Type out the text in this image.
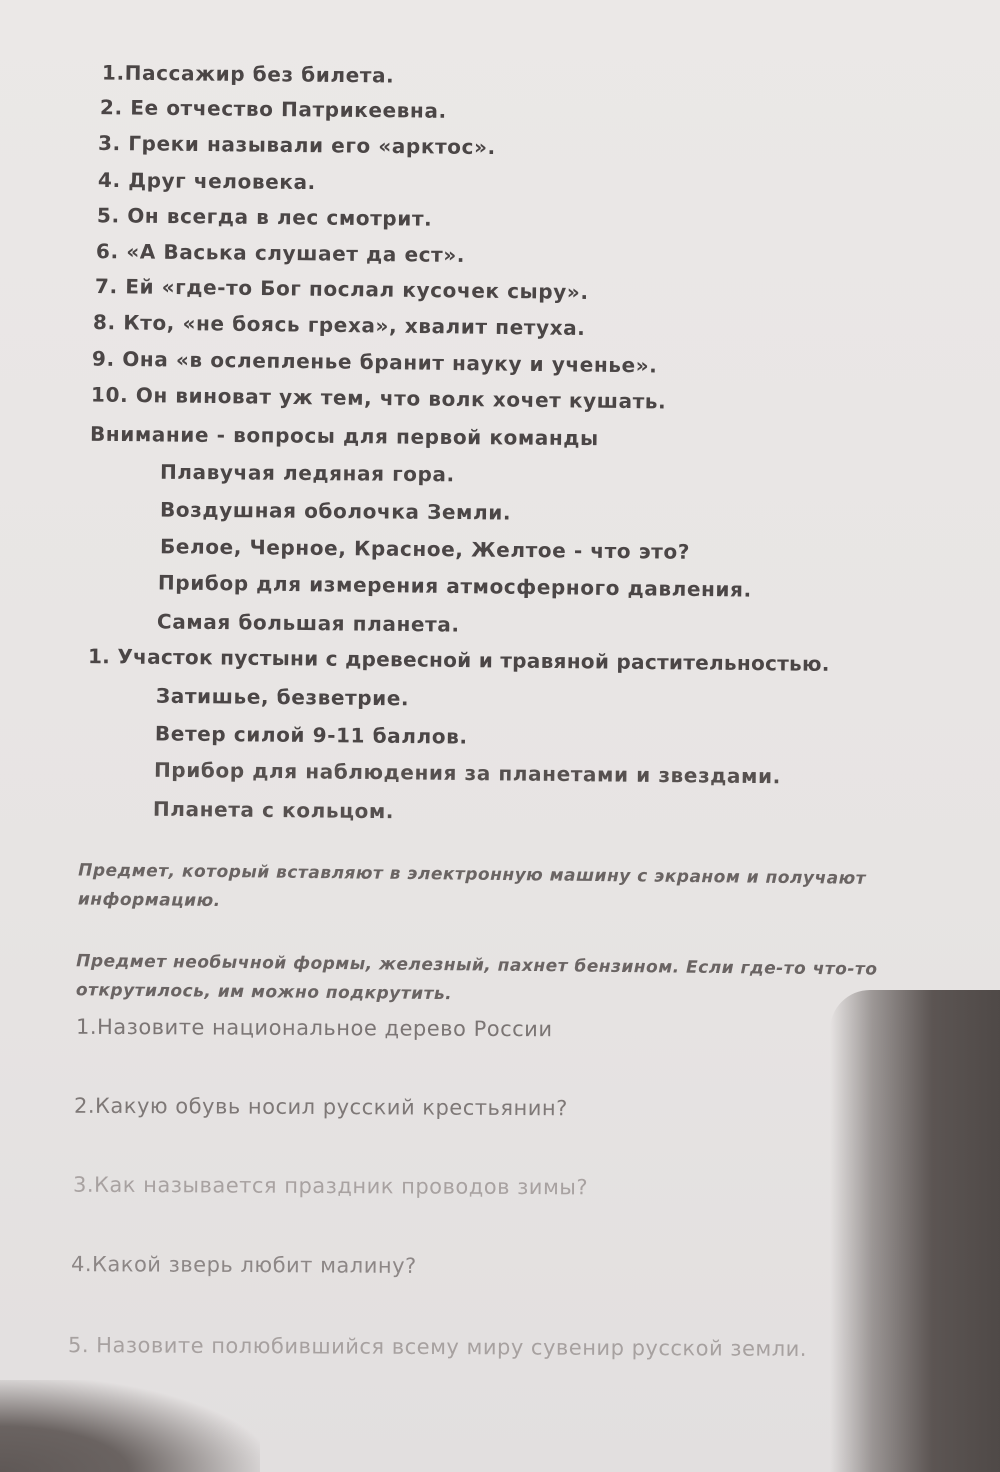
1.Пассажир без билета.
2. Ее отчество Патрикеевна.
3. Греки называли его «арктос».
4. Друг человека.
5. Он всегда в лес смотрит.
6. «А Васька слушает да ест».
7. Ей «где-то Бог послал кусочек сыру».
8. Кто, «не боясь греха», хвалит петуха.
9. Она «в ослепленье бранит науку и ученье».
10. Он виноват уж тем, что волк хочет кушать.
Внимание - вопросы для первой команды
Плавучая ледяная гора.
Воздушная оболочка Земли.
Белое, Черное, Красное, Желтое - что это?
Прибор для измерения атмосферного давления.
Самая большая планета.
1. Участок пустыни с древесной и травяной растительностью.
Затишье, безветрие.
Ветер силой 9-11 баллов.
Прибор для наблюдения за планетами и звездами.
Планета с кольцом.
Предмет, который вставляют в электронную машину с экраном и получают информацию.
Предмет необычной формы, железный, пахнет бензином. Если где-то что-то открутилось, им можно подкрутить.
1.Назовите национальное дерево России
2.Какую обувь носил русский крестьянин?
3.Как называется праздник проводов зимы?
4.Какой зверь любит малину?
5. Назовите полюбившийся всему миру сувенир русской земли.
